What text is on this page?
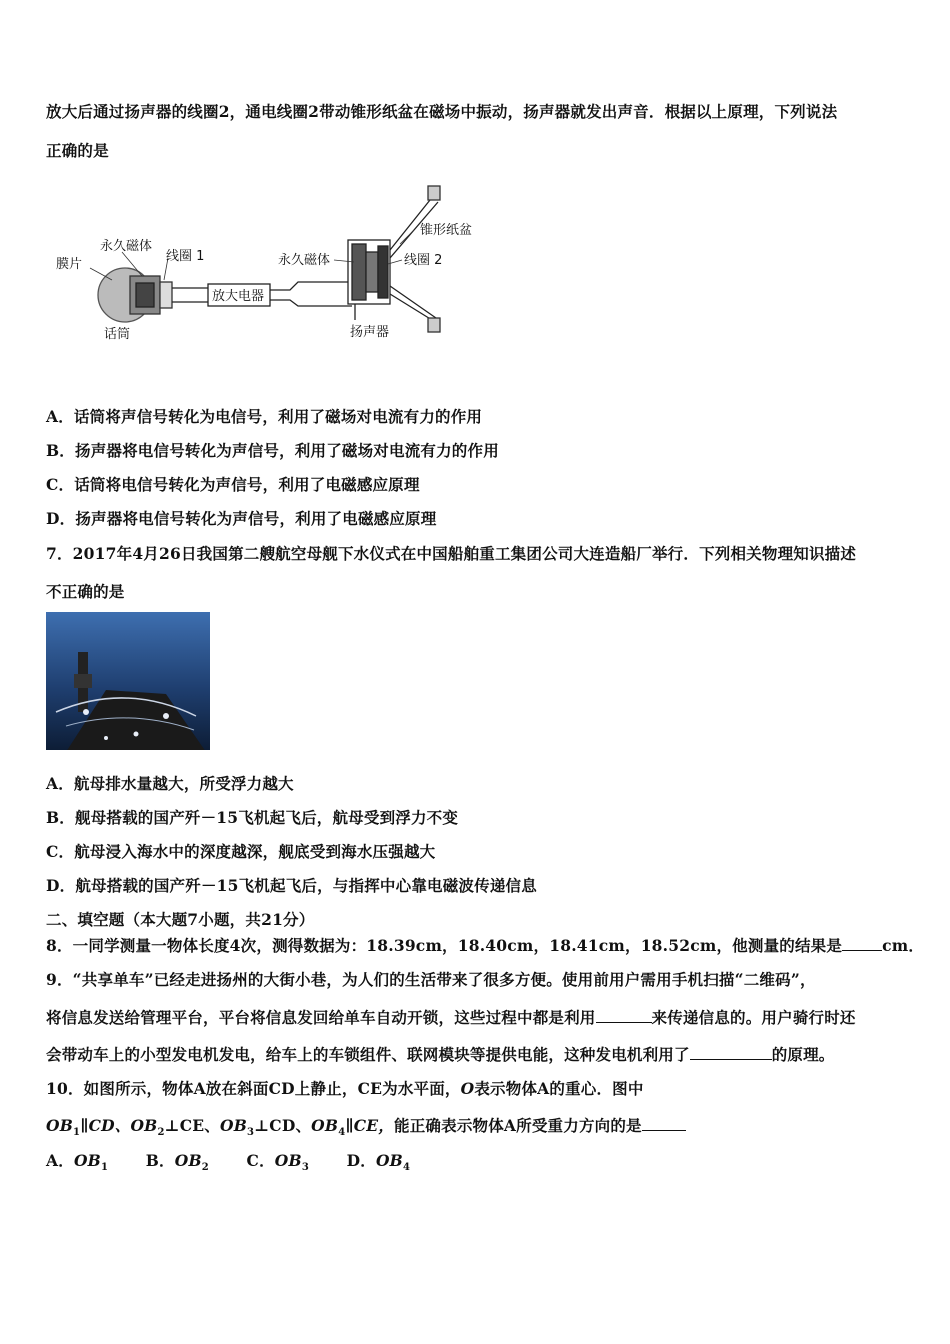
放大后通过扬声器的线圈2，通电线圈2带动锥形纸盆在磁场中振动，扬声器就发出声音．根据以上原理，下列说法
正确的是
膜片
永久磁体
线圈 1
话筒
放大电器
永久磁体	线圈 2
锥形纸盆
扬声器
A．话筒将声信号转化为电信号，利用了磁场对电流有力的作用
B．扬声器将电信号转化为声信号，利用了磁场对电流有力的作用
C．话筒将电信号转化为声信号，利用了电磁感应原理
D．扬声器将电信号转化为声信号，利用了电磁感应原理
7．2017年4月26日我国第二艘航空母舰下水仪式在中国船舶重工集团公司大连造船厂举行．下列相关物理知识描述
不正确的是
A．航母排水量越大，所受浮力越大
B．舰母搭载的国产歼－15飞机起飞后，航母受到浮力不变
C．航母浸入海水中的深度越深，舰底受到海水压强越大
D．航母搭载的国产歼－15飞机起飞后，与指挥中心靠电磁波传递信息
二、填空题（本大题7小题，共21分）
8．一同学测量一物体长度4次，测得数据为：18.39cm，18.40cm，18.41cm，18.52cm，他测量的结果是	cm．
9．“共享单车”已经走进扬州的大街小巷，为人们的生活带来了很多方便。使用前用户需用手机扫描“二维码”，
将信息发送给管理平台，平台将信息发回给单车自动开锁，这些过程中都是利用	来传递信息的。用户骑行时还
会带动车上的小型发电机发电，给车上的车锁组件、联网模块等提供电能，这种发电机利用了	的原理。
10．如图所示，物体A放在斜面CD上静止，CE为水平面，O表示物体A的重心．图中
$OB_1\parallel CD$、$OB_2\perp CE$、$OB_3\perp CD$、$OB_4\parallel CE$，能正确表示物体A所受重力方向的是
A．$OB_1$ B．$OB_2$ C．$OB_3$ D．$OB_4$
